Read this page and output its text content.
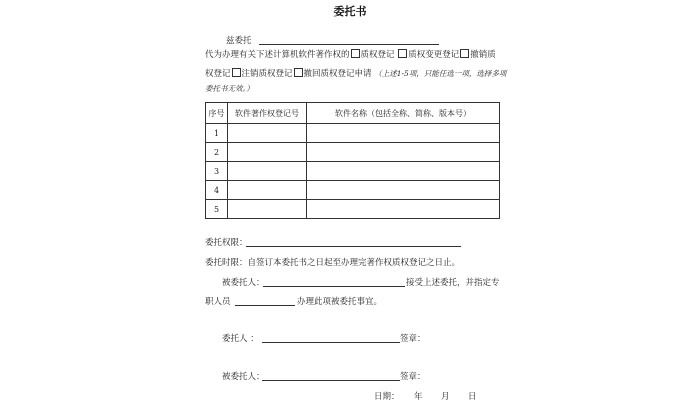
委托书
兹委托
代为办理有关下述计算机软件著作权的 质权登记 质权变更登记 撤销质
权登记 注销质权登记 撤回质权登记申请 （上述1-5项，只能任选一项，选择多项
委托书无效。）
序号	软件著作权登记号	软件名称（包括全称、简称、版本号）
1		
2		
3		
4		
5		
委托权限：
委托时限：自签订本委托书之日起至办理完著作权质权登记之日止。
被委托人：	接受上述委托，并指定专
职人员	办理此项被委托事宜。
委托人 ：	签章：
被委托人：	签章：
日期： 年 月 日
